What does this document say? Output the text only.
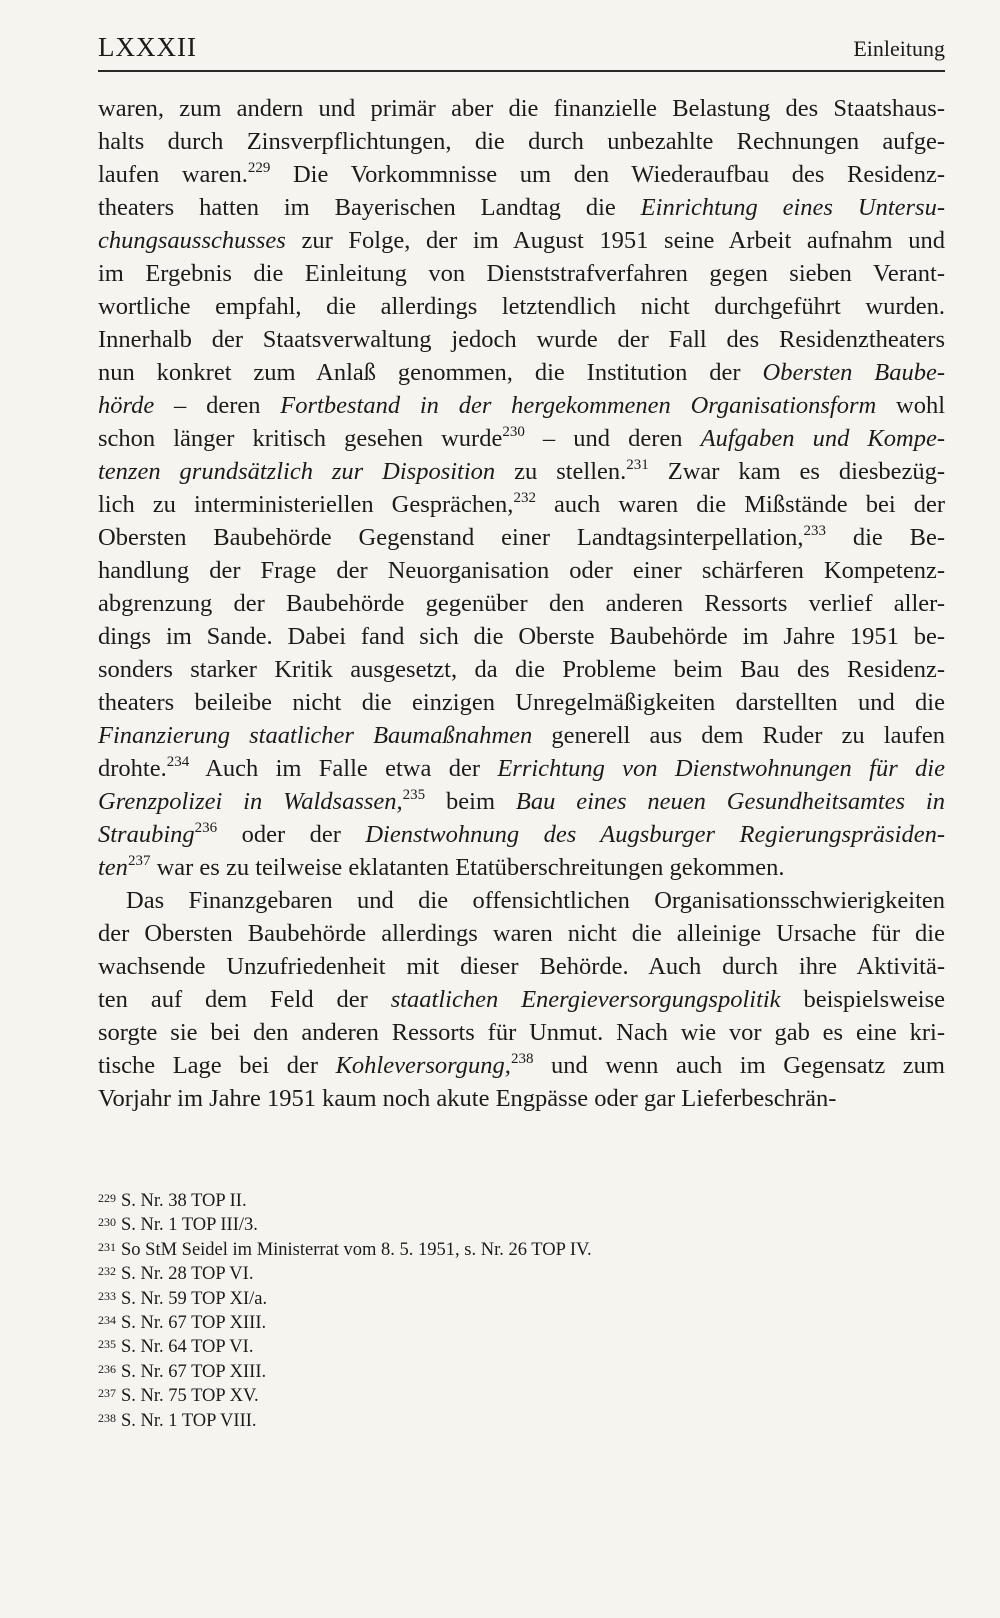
LXXXII	Einleitung
waren, zum andern und primär aber die finanzielle Belastung des Staatshaus-
halts durch Zinsverpflichtungen, die durch unbezahlte Rechnungen aufge-
laufen waren.$^{229}$ Die Vorkommnisse um den Wiederaufbau des Residenz-
theaters hatten im Bayerischen Landtag die Einrichtung eines Untersu-
chungsausschusses zur Folge, der im August 1951 seine Arbeit aufnahm und
im Ergebnis die Einleitung von Dienststrafverfahren gegen sieben Verant-
wortliche empfahl, die allerdings letztendlich nicht durchgeführt wurden.
Innerhalb der Staatsverwaltung jedoch wurde der Fall des Residenztheaters
nun konkret zum Anlaß genommen, die Institution der Obersten Baube-
hörde – deren Fortbestand in der hergekommenen Organisationsform wohl
schon länger kritisch gesehen wurde$^{230}$ – und deren Aufgaben und Kompe-
tenzen grundsätzlich zur Disposition zu stellen.$^{231}$ Zwar kam es diesbezüg-
lich zu interministeriellen Gesprächen,$^{232}$ auch waren die Mißstände bei der
Obersten Baubehörde Gegenstand einer Landtagsinterpellation,$^{233}$ die Be-
handlung der Frage der Neuorganisation oder einer schärferen Kompetenz-
abgrenzung der Baubehörde gegenüber den anderen Ressorts verlief aller-
dings im Sande. Dabei fand sich die Oberste Baubehörde im Jahre 1951 be-
sonders starker Kritik ausgesetzt, da die Probleme beim Bau des Residenz-
theaters beileibe nicht die einzigen Unregelmäßigkeiten darstellten und die
Finanzierung staatlicher Baumaßnahmen generell aus dem Ruder zu laufen
drohte.$^{234}$ Auch im Falle etwa der Errichtung von Dienstwohnungen für die
Grenzpolizei in Waldsassen,$^{235}$ beim Bau eines neuen Gesundheitsamtes in
Straubing$^{236}$ oder der Dienstwohnung des Augsburger Regierungspräsiden-
ten$^{237}$ war es zu teilweise eklatanten Etatüberschreitungen gekommen.
Das Finanzgebaren und die offensichtlichen Organisationsschwierigkeiten
der Obersten Baubehörde allerdings waren nicht die alleinige Ursache für die
wachsende Unzufriedenheit mit dieser Behörde. Auch durch ihre Aktivitä-
ten auf dem Feld der staatlichen Energieversorgungspolitik beispielsweise
sorgte sie bei den anderen Ressorts für Unmut. Nach wie vor gab es eine kri-
tische Lage bei der Kohleversorgung,$^{238}$ und wenn auch im Gegensatz zum
Vorjahr im Jahre 1951 kaum noch akute Engpässe oder gar Lieferbeschrän-
$^{229}$ S. Nr. 38 TOP II.
$^{230}$ S. Nr. 1 TOP III/3.
$^{231}$ So StM Seidel im Ministerrat vom 8. 5. 1951, s. Nr. 26 TOP IV.
$^{232}$ S. Nr. 28 TOP VI.
$^{233}$ S. Nr. 59 TOP XI/a.
$^{234}$ S. Nr. 67 TOP XIII.
$^{235}$ S. Nr. 64 TOP VI.
$^{236}$ S. Nr. 67 TOP XIII.
$^{237}$ S. Nr. 75 TOP XV.
$^{238}$ S. Nr. 1 TOP VIII.
